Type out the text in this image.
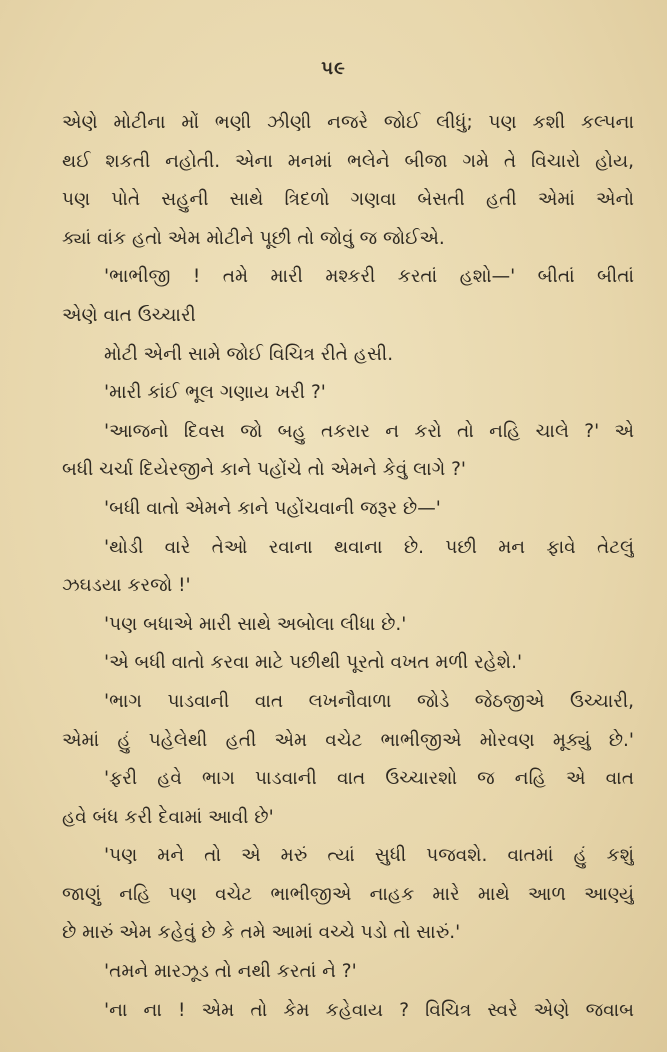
૫૯
એણે મોટીના મોં ભણી ઝીણી નજરે જોઈ લીધું; પણ કશી કલ્પના
થઈ શકતી નહોતી. એના મનમાં ભલેને બીજા ગમે તે વિચારો હોય,
પણ પોતે સહુની સાથે ત્રિદળો ગણવા બેસતી હતી એમાં એનો
ક્યાં વાંક હતો એમ મોટીને પૂછી તો જોવું જ જોઈએ.
'ભાભીજી ! તમે મારી મશ્કરી કરતાં હશો—' બીતાં બીતાં
એણે વાત ઉચ્ચારી
મોટી એની સામે જોઈ વિચિત્ર રીતે હસી.
'મારી કાંઈ ભૂલ ગણાય ખરી ?'
'આજનો દિવસ જો બહુ તકરાર ન કરો તો નહિ ચાલે ?' એ
બધી ચર્ચા દિયેરજીને કાને પહોંચે તો એમને કેવું લાગે ?'
'બધી વાતો એમને કાને પહોંચવાની જરૂર છે—'
'થોડી વારે તેઓ રવાના થવાના છે. પછી મન ફાવે તેટલું
ઝઘડયા કરજો !'
'પણ બધાએ મારી સાથે અબોલા લીધા છે.'
'એ બધી વાતો કરવા માટે પછીથી પૂરતો વખત મળી રહેશે.'
'ભાગ પાડવાની વાત લખનૌવાળા જોડે જેઠજીએ ઉચ્ચારી,
એમાં હું પહેલેથી હતી એમ વચેટ ભાભીજીએ મોરવણ મૂક્યું છે.'
'ફરી હવે ભાગ પાડવાની વાત ઉચ્ચારશો જ નહિ એ વાત
હવે બંધ કરી દેવામાં આવી છે'
'પણ મને તો એ મરું ત્યાં સુધી પજવશે. વાતમાં હું કશું
જાણું નહિ પણ વચેટ ભાભીજીએ નાહક મારે માથે આળ આણ્યું
છે મારું એમ કહેવું છે કે તમે આમાં વચ્ચે પડો તો સારું.'
'તમને મારઝૂડ તો નથી કરતાં ને ?'
'ના ના ! એમ તો કેમ કહેવાય ? વિચિત્ર સ્વરે એણે જવાબ
